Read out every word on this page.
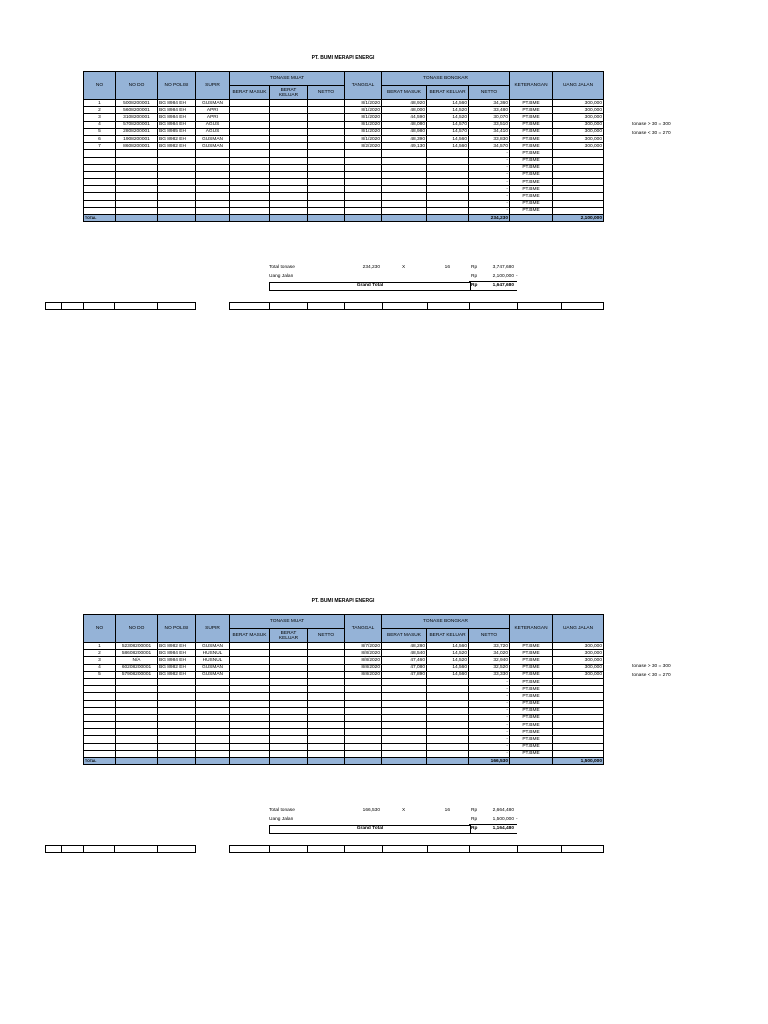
PT. BUMI MERAPI ENERGI
NO	NO DO	NO POLISI	SUPIR	TONASE MUAT			TANGGAL	TONASE BONGKAR			KETERANGAN	UANG JALAN
				BERAT MASUK	BERAT KELUAR	NETTO		BERAT MASUK	BERAT KELUAR	NETTO		
1	5008200001	BG 8984 EH	GUSMAN				8/1/2020	48,920	14,560	34,360	PT.BME	300,000
2	5608200001	BG 8984 EH	APRI				8/1/2020	48,000	14,520	33,480	PT.BME	300,000
3	3108200001	BG 8984 EH	APRI				8/1/2020	44,590	14,520	30,070	PT.BME	300,000
4	5708200001	BG 8984 EH	AGUS				8/1/2020	48,080	14,570	33,510	PT.BME	300,000
5	2808200001	BG 8985 EH	AGUS				8/1/2020	48,980	14,570	34,410	PT.BME	300,000
6	1908200001	BG 8982 EH	GUSMAN				8/1/2020	48,390	14,560	33,830	PT.BME	300,000
7	8608200001	BG 8982 EH	GUSMAN				8/2/2020	49,130	14,560	34,570	PT.BME	300,000
										-	PT.BME	
										-	PT.BME	
										-	PT.BME	
										-	PT.BME	
										-	PT.BME	
										-	PT.BME	
										-	PT.BME	
										-	PT.BME	
										-	PT.BME	
TOTAL										234,230		2,100,000
Total tonase	234,230	X	16	Rp	3,747,680
Uang Jalan	Rp	2,100,000 -
Grand Total	Rp	1,647,680
tonase > 30 = 300
tonase < 30 = 270
PT. BUMI MERAPI ENERGI
NO	NO DO	NO POLISI	SUPIR	TONASE MUAT			TANGGAL	TONASE BONGKAR			KETERANGAN	UANG JALAN
				BERAT MASUK	BERAT KELUAR	NETTO		BERAT MASUK	BERAT KELUAR	NETTO		
1	52308200001	BG 8982 EH	GUSMAN				8/7/2020	48,280	14,560	33,720	PT.BME	300,000
2	58608200001	BG 8984 EH	HUSNUL				8/8/2020	48,540	14,520	34,020	PT.BME	300,000
3	N/A	BG 8984 EH	HUSNUL				8/8/2020	47,460	14,520	32,940	PT.BME	300,000
4	60208200001	BG 8982 EH	GUSMAN				8/8/2020	47,080	14,560	32,520	PT.BME	300,000
5	57908200001	BG 8982 EH	GUSMAN				8/8/2020	47,890	14,560	33,330	PT.BME	300,000
										-	PT.BME	
										-	PT.BME	
										-	PT.BME	
										-	PT.BME	
										-	PT.BME	
										-	PT.BME	
										-	PT.BME	
										-	PT.BME	
										-	PT.BME	
										-	PT.BME	
										-	PT.BME	
TOTAL										166,530		1,500,000
Total tonase	166,530	X	16	Rp	2,664,480
Uang Jalan	Rp	1,500,000 -
Grand Total	Rp	1,164,480
tonase > 30 = 300
tonase < 30 = 270
